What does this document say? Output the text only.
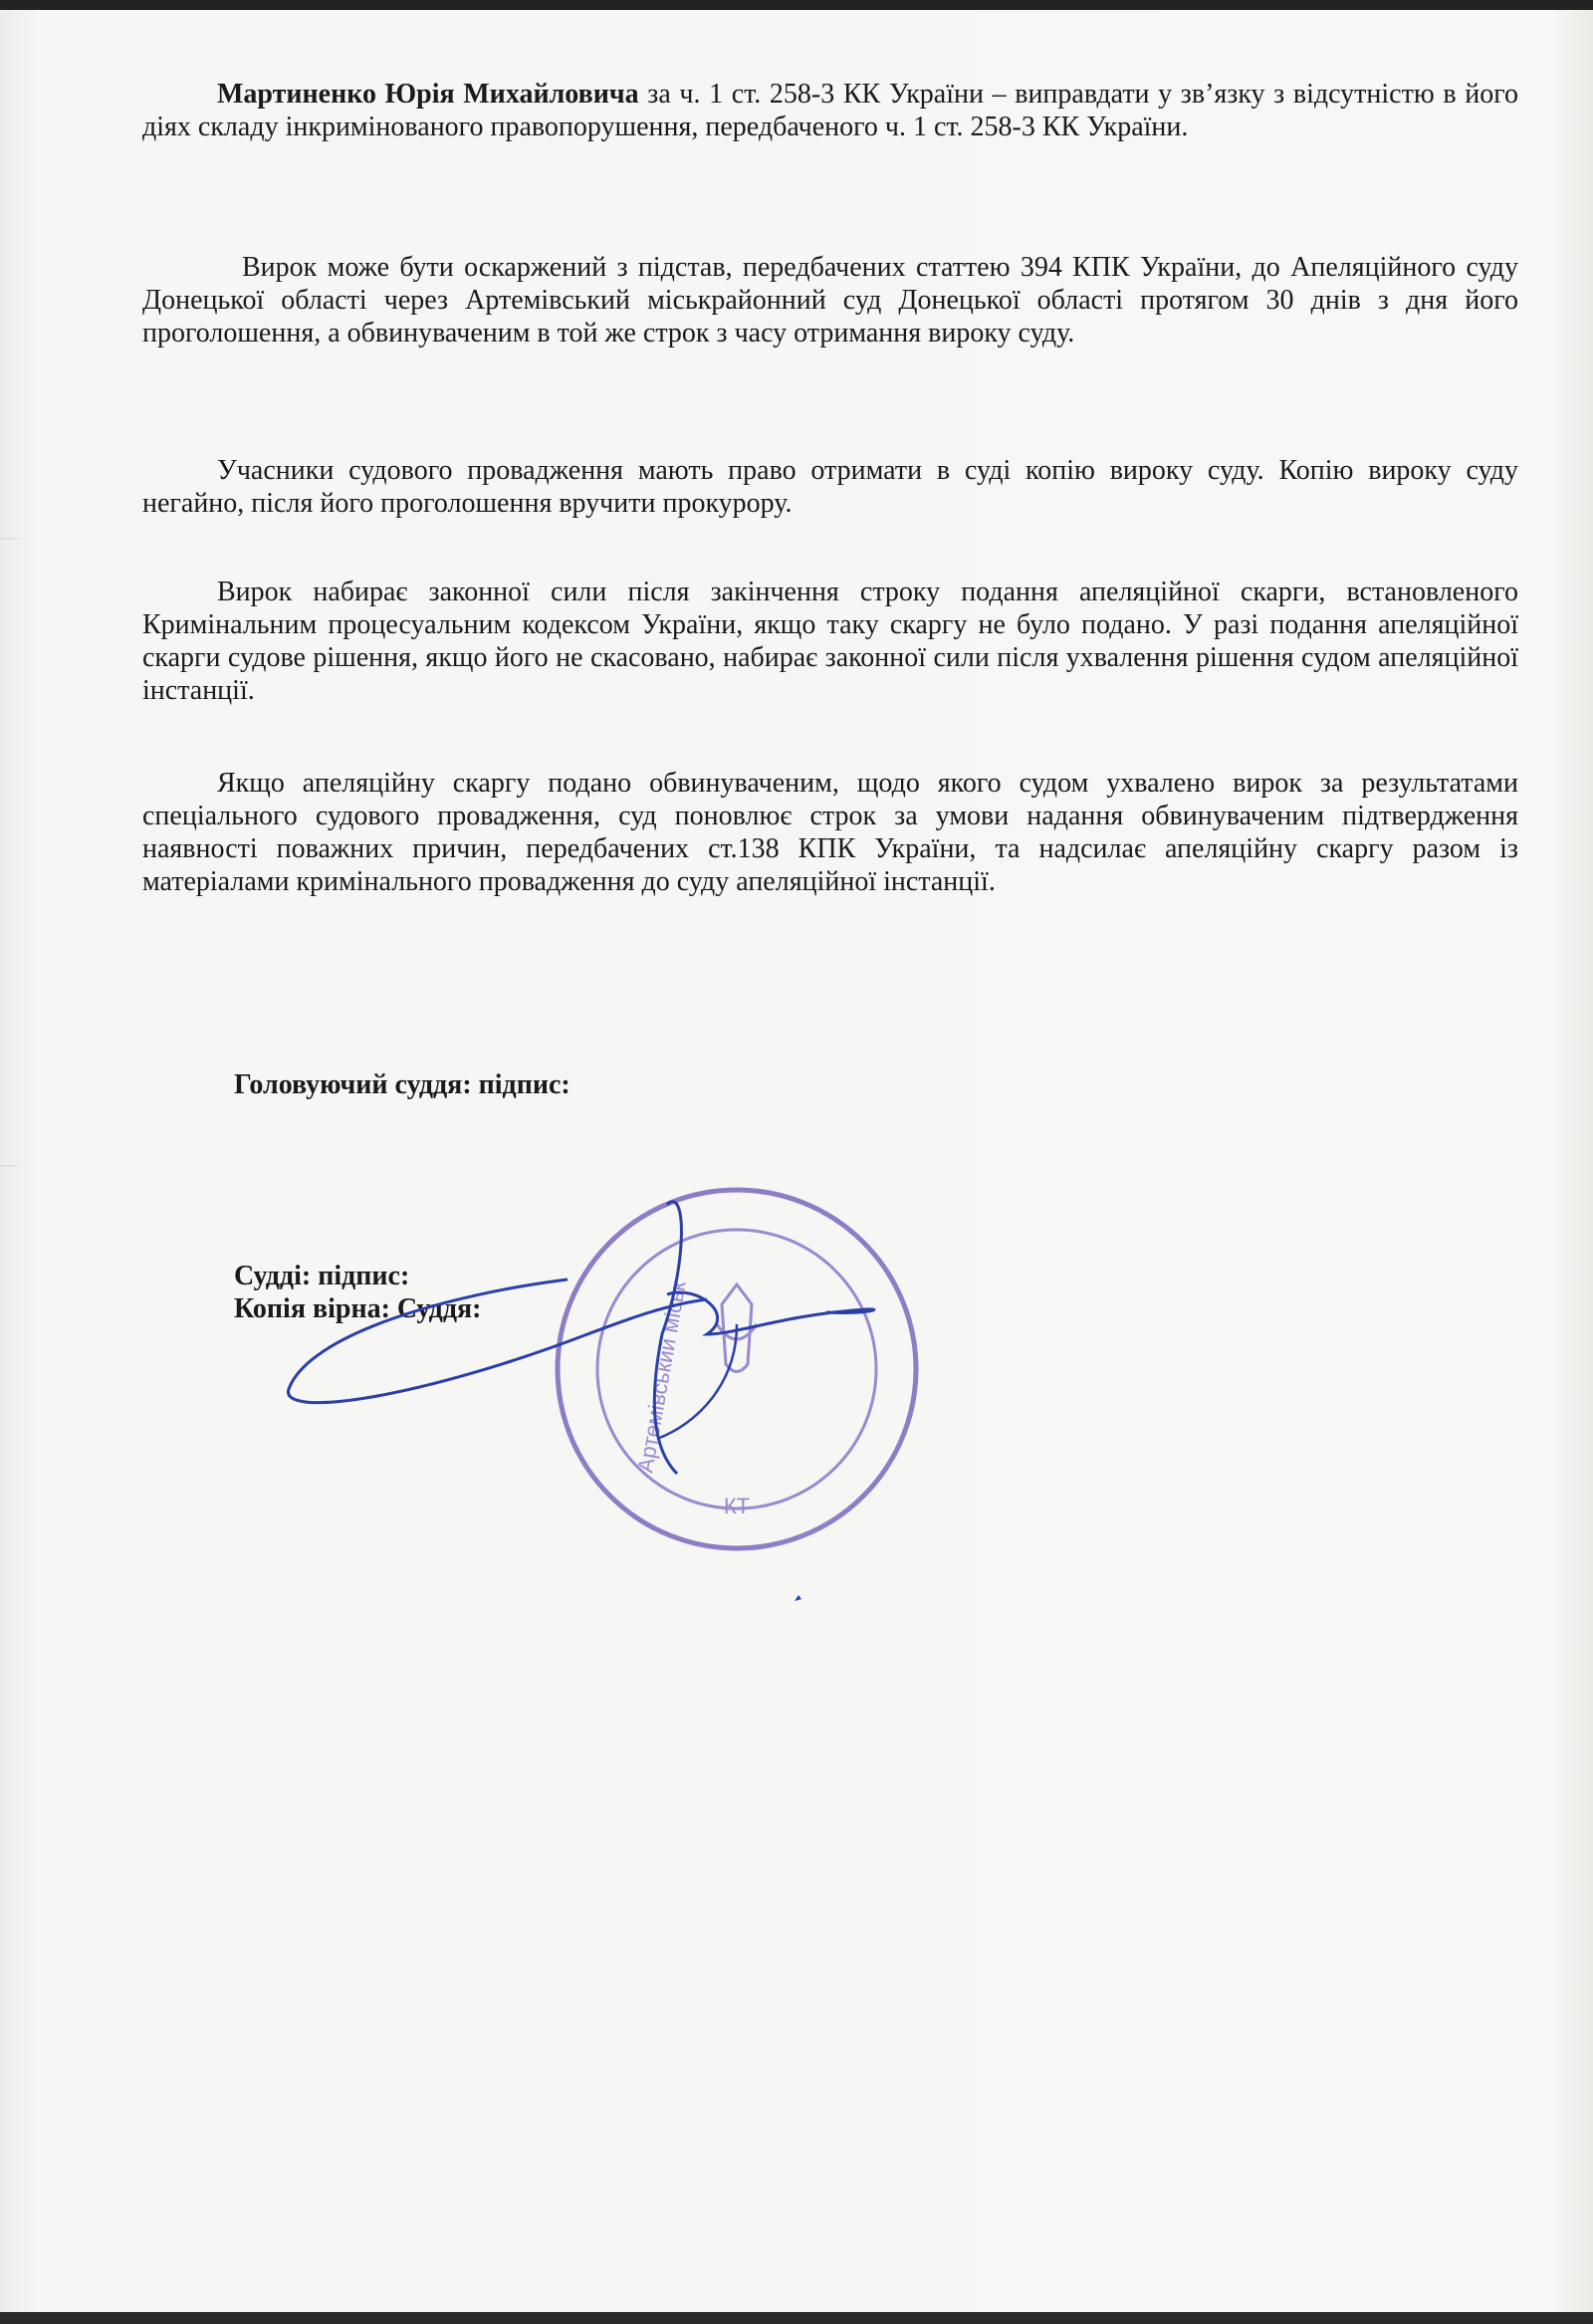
Мартиненко Юрія Михайловича за ч. 1 ст. 258-3 КК України – виправдати у зв’язку з відсутністю в його діях складу інкримінованого правопорушення, передбаченого ч. 1 ст. 258-3 КК України.

Вирок може бути оскаржений з підстав, передбачених статтею 394 КПК України, до Апеляційного суду Донецької області через Артемівський міськрайонний суд Донецької області протягом 30 днів з дня його проголошення, а обвинуваченим в той же строк з часу отримання вироку суду.

Учасники судового провадження мають право отримати в суді копію вироку суду. Копію вироку суду негайно, після його проголошення вручити прокурору.

Вирок набирає законної сили після закінчення строку подання апеляційної скарги, встановленого Кримінальним процесуальним кодексом України, якщо таку скаргу не було подано. У разі подання апеляційної скарги судове рішення, якщо його не скасовано, набирає законної сили після ухвалення рішення судом апеляційної інстанції.

Якщо апеляційну скаргу подано обвинуваченим, щодо якого судом ухвалено вирок за результатами спеціального судового провадження, суд поновлює строк за умови надання обвинуваченим підтвердження наявності поважних причин, передбачених ст.138 КПК України, та надсилає апеляційну скаргу разом із матеріалами кримінального провадження до суду апеляційної інстанції.

Головуючий суддя: підпис:
Судді: підпис:
Копія вірна: Суддя:
КТ
Артемівський міськ
